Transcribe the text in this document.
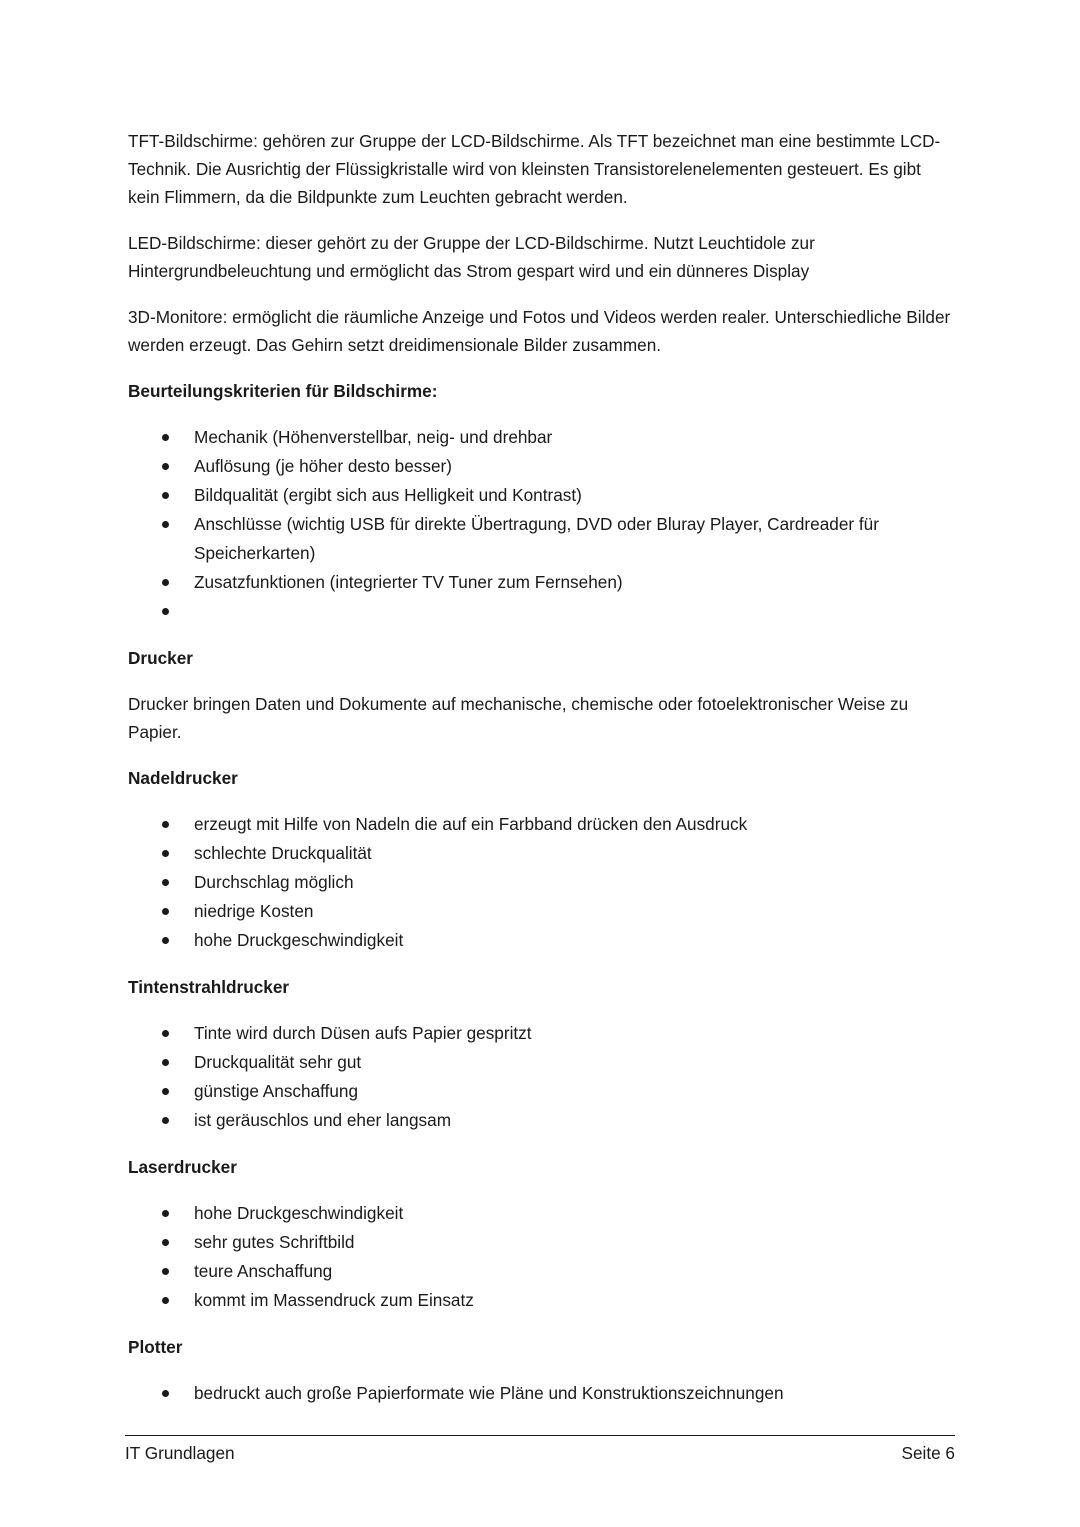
TFT-Bildschirme: gehören zur Gruppe der LCD-Bildschirme. Als TFT bezeichnet man eine bestimmte LCD-Technik. Die Ausrichtig der Flüssigkristalle wird von kleinsten Transistorelenelementen gesteuert. Es gibt kein Flimmern, da die Bildpunkte zum Leuchten gebracht werden.

LED-Bildschirme: dieser gehört zu der Gruppe der LCD-Bildschirme. Nutzt Leuchtidole zur Hintergrundbeleuchtung und ermöglicht das Strom gespart wird und ein dünneres Display

3D-Monitore: ermöglicht die räumliche Anzeige und Fotos und Videos werden realer. Unterschiedliche Bilder werden erzeugt. Das Gehirn setzt dreidimensionale Bilder zusammen.

Beurteilungskriterien für Bildschirme:

Mechanik (Höhenverstellbar, neig- und drehbar
Auflösung (je höher desto besser)
Bildqualität (ergibt sich aus Helligkeit und Kontrast)
Anschlüsse (wichtig USB für direkte Übertragung, DVD oder Bluray Player, Cardreader für Speicherkarten)
Zusatzfunktionen (integrierter TV Tuner zum Fernsehen)

Drucker

Drucker bringen Daten und Dokumente auf mechanische, chemische oder fotoelektronischer Weise zu Papier.

Nadeldrucker

erzeugt mit Hilfe von Nadeln die auf ein Farbband drücken den Ausdruck
schlechte Druckqualität
Durchschlag möglich
niedrige Kosten
hohe Druckgeschwindigkeit

Tintenstrahldrucker

Tinte wird durch Düsen aufs Papier gespritzt
Druckqualität sehr gut
günstige Anschaffung
ist geräuschlos und eher langsam

Laserdrucker

hohe Druckgeschwindigkeit
sehr gutes Schriftbild
teure Anschaffung
kommt im Massendruck zum Einsatz

Plotter

bedruckt auch große Papierformate wie Pläne und Konstruktionszeichnungen
IT Grundlagen	Seite 6
